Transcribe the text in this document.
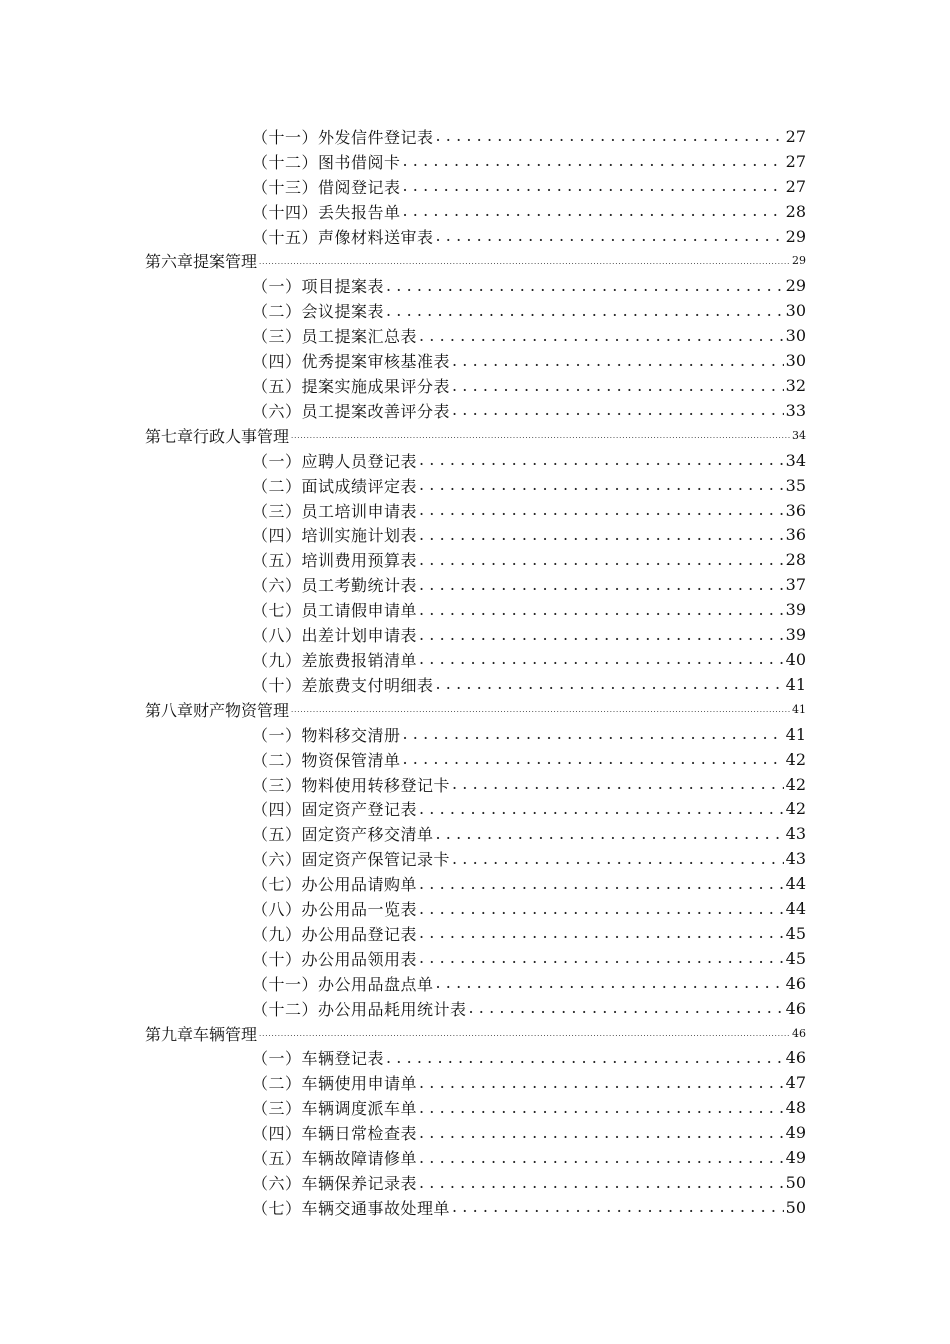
（十一）外发信件登记表 .....	27
（十二）图书借阅卡 .....	27
（十三）借阅登记表 .....	27
（十四）丢失报告单 .....	28
（十五）声像材料送审表 .....	29
第六章 提案管理 .....	29
（一）项目提案表 .....	29
（二）会议提案表 .....	30
（三）员工提案汇总表 .....	30
（四）优秀提案审核基准表 .....	30
（五）提案实施成果评分表 .....	32
（六）员工提案改善评分表 .....	33
第七章 行政人事管理 .....	34
（一）应聘人员登记表 .....	34
（二）面试成绩评定表 .....	35
（三）员工培训申请表 .....	36
（四）培训实施计划表 .....	36
（五）培训费用预算表 .....	28
（六）员工考勤统计表 .....	37
（七）员工请假申请单 .....	39
（八）出差计划申请表 .....	39
（九）差旅费报销清单 .....	40
（十）差旅费支付明细表 .....	41
第八章 财产物资管理 .....	41
（一）物料移交清册 .....	41
（二）物资保管清单 .....	42
（三）物料使用转移登记卡 .....	42
（四）固定资产登记表 .....	42
（五）固定资产移交清单 .....	43
（六）固定资产保管记录卡 .....	43
（七）办公用品请购单 .....	44
（八）办公用品一览表 .....	44
（九）办公用品登记表 .....	45
（十）办公用品领用表 .....	45
（十一）办公用品盘点单 .....	46
（十二）办公用品耗用统计表 .....	46
第九章 车辆管理 .....	46
（一）车辆登记表 .....	46
（二）车辆使用申请单 .....	47
（三）车辆调度派车单 .....	48
（四）车辆日常检查表 .....	49
（五）车辆故障请修单 .....	49
（六）车辆保养记录表 .....	50
（七）车辆交通事故处理单 .....	50
